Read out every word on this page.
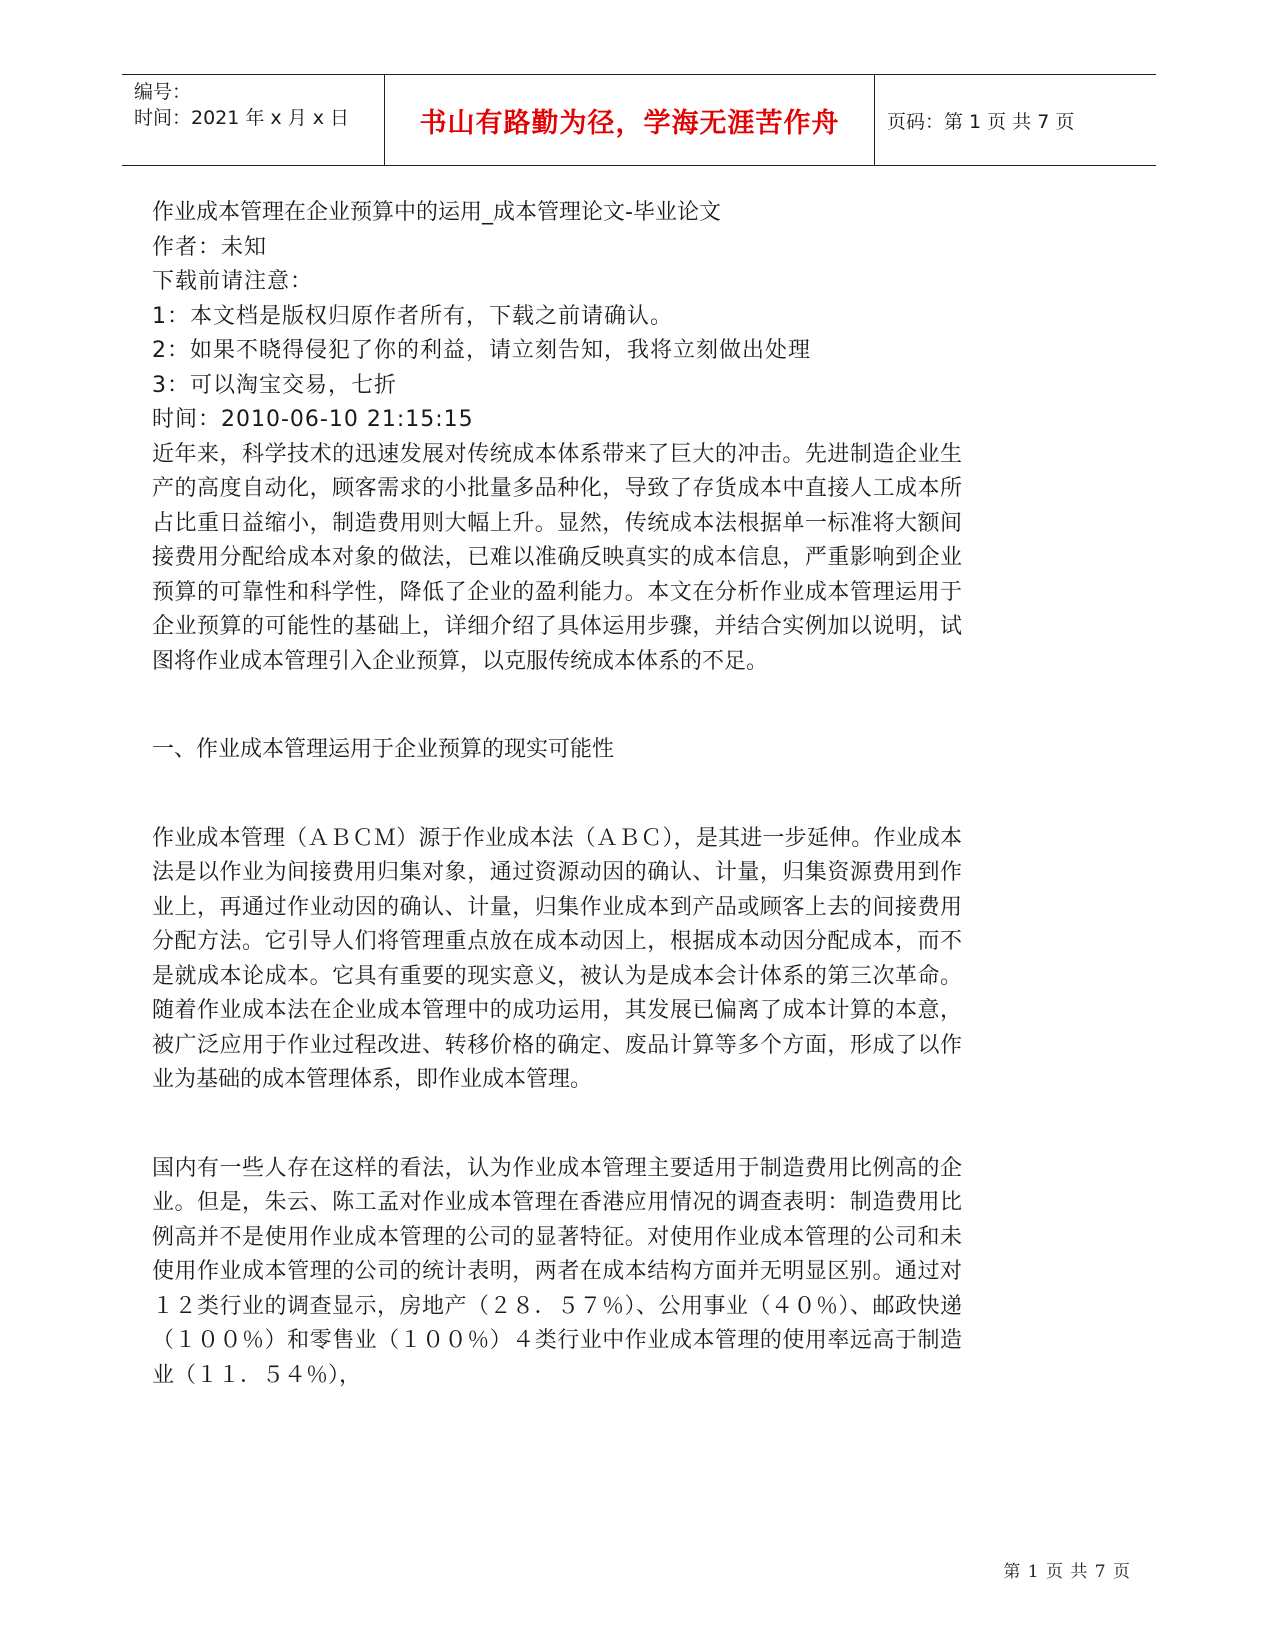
编号：
时间：2021 年 x 月 x 日	书山有路勤为径，学海无涯苦作舟	页码：第 1 页 共 7 页
作业成本管理在企业预算中的运用_成本管理论文-毕业论文
作者：未知
下载前请注意：
1：本文档是版权归原作者所有，下载之前请确认。
2：如果不晓得侵犯了你的利益，请立刻告知，我将立刻做出处理
3：可以淘宝交易，七折
时间：2010-06-10 21:15:15
近年来，科学技术的迅速发展对传统成本体系带来了巨大的冲击。先进制造企业生产的高度自动化，顾客需求的小批量多品种化，导致了存货成本中直接人工成本所占比重日益缩小，制造费用则大幅上升。显然，传统成本法根据单一标准将大额间接费用分配给成本对象的做法，已难以准确反映真实的成本信息，严重影响到企业预算的可靠性和科学性，降低了企业的盈利能力。本文在分析作业成本管理运用于企业预算的可能性的基础上，详细介绍了具体运用步骤，并结合实例加以说明，试图将作业成本管理引入企业预算，以克服传统成本体系的不足。
一、作业成本管理运用于企业预算的现实可能性
作业成本管理（ＡＢＣＭ）源于作业成本法（ＡＢＣ），是其进一步延伸。作业成本法是以作业为间接费用归集对象，通过资源动因的确认、计量，归集资源费用到作业上，再通过作业动因的确认、计量，归集作业成本到产品或顾客上去的间接费用分配方法。它引导人们将管理重点放在成本动因上，根据成本动因分配成本，而不是就成本论成本。它具有重要的现实意义，被认为是成本会计体系的第三次革命。随着作业成本法在企业成本管理中的成功运用，其发展已偏离了成本计算的本意，被广泛应用于作业过程改进、转移价格的确定、废品计算等多个方面，形成了以作业为基础的成本管理体系，即作业成本管理。
国内有一些人存在这样的看法，认为作业成本管理主要适用于制造费用比例高的企业。但是，朱云、陈工孟对作业成本管理在香港应用情况的调查表明：制造费用比例高并不是使用作业成本管理的公司的显著特征。对使用作业成本管理的公司和未使用作业成本管理的公司的统计表明，两者在成本结构方面并无明显区别。通过对１２类行业的调查显示，房地产（２８．５７％）、公用事业（４０％）、邮政快递（１００％）和零售业（１００％）４类行业中作业成本管理的使用率远高于制造业（１１．５４％），
第 1 页 共 7 页
